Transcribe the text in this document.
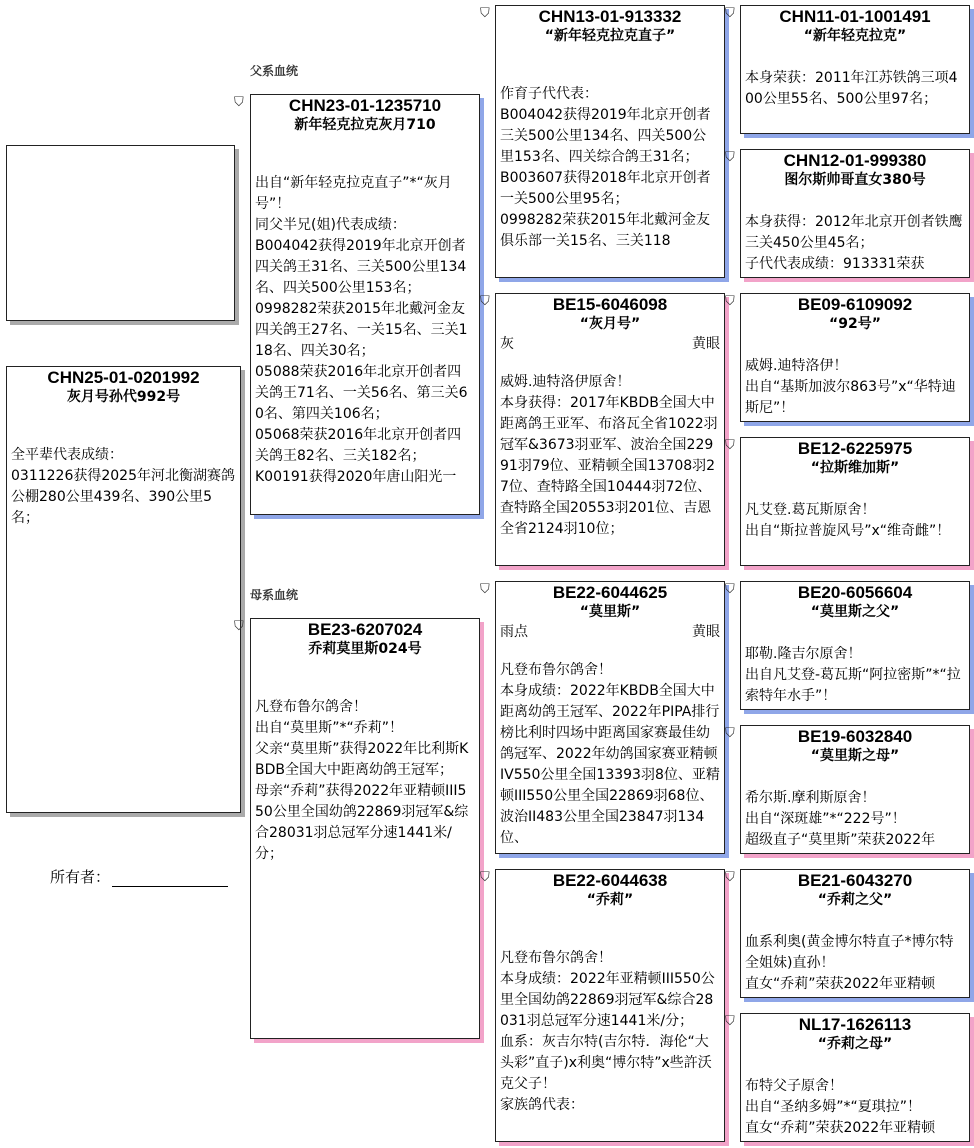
CHN25-01-0201992
灰月号孙代992号
全平辈代表成绩：
0311226获得2025年河北衡湖赛鸽公棚280公里439名、390公里5名；
所有者：
父系血统
母系血统
⛉	CHN23-01-1235710
新年轻克拉克灰月710
出自“新年轻克拉克直子”*“灰月号”！
同父半兄(姐)代表成绩：
B004042获得2019年北京开创者四关鸽王31名、三关500公里134名、四关500公里153名；
0998282荣获2015年北戴河金友四关鸽王27名、一关15名、三关118名、四关30名；
05088荣获2016年北京开创者四关鸽王71名、一关56名、第三关60名、第四关106名；
05068荣获2016年北京开创者四关鸽王82名、三关182名；
K00191获得2020年唐山阳光一
⛉	BE23-6207024
乔莉莫里斯024号
凡登布鲁尔鸽舍！
出自“莫里斯”*“乔莉”！
父亲“莫里斯”获得2022年比利斯KBDB全国大中距离幼鸽王冠军；
母亲“乔莉”获得2022年亚精顿III550公里全国幼鸽22869羽冠军&综合28031羽总冠军分速1441米/分；
⛉	CHN13-01-913332
“新年轻克拉克直子”
作育子代代表：
B004042获得2019年北京开创者三关500公里134名、四关500公里153名、四关综合鸽王31名；
B003607获得2018年北京开创者一关500公里95名；
0998282荣获2015年北戴河金友俱乐部一关15名、三关118
⛉	BE15-6046098
“灰月号”
灰	黄眼
威姆.迪特洛伊原舍！
本身获得：2017年KBDB全国大中距离鸽王亚军、布洛瓦全省1022羽冠军&3673羽亚军、波治全国22991羽79位、亚精顿全国13708羽27位、查特路全国10444羽72位、查特路全国20553羽201位、吉恩全省2124羽10位；
⛉	BE22-6044625
“莫里斯”
雨点	黄眼
凡登布鲁尔鸽舍！
本身成绩：2022年KBDB全国大中距离幼鸽王冠军、2022年PIPA排行榜比利时四场中距离国家赛最佳幼鸽冠军、2022年幼鸽国家赛亚精顿IV550公里全国13393羽8位、亚精顿III550公里全国22869羽68位、波治II483公里全国23847羽134位、
⛉	BE22-6044638
“乔莉”
凡登布鲁尔鸽舍！
本身成绩：2022年亚精顿III550公里全国幼鸽22869羽冠军&综合28031羽总冠军分速1441米/分；
血系：灰吉尔特(吉尔特．海伦“大头彩”直子)x利奥“博尔特”x些許沃克父子！
家族鸽代表：
⛉	CHN11-01-1001491
“新年轻克拉克”
本身荣获：2011年江苏铁鸽三项400公里55名、500公里97名；
⛉	CHN12-01-999380
图尔斯帅哥直女380号
本身获得：2012年北京开创者铁鹰三关450公里45名；
子代代表成绩：913331荣获
⛉	BE09-6109092
“92号”
威姆.迪特洛伊！
出自“基斯加波尔863号”x“华特迪斯尼”！
⛉	BE12-6225975
“拉斯维加斯”
凡艾登.葛瓦斯原舍！
出自“斯拉普旋风号”x“维奇雌”！
⛉	BE20-6056604
“莫里斯之父”
耶勒.隆吉尔原舍！
出自凡艾登-葛瓦斯“阿拉密斯”*“拉索特年水手”！
⛉	BE19-6032840
“莫里斯之母”
希尔斯.摩利斯原舍！
出自“深斑雄”*“222号”！
超级直子“莫里斯”荣获2022年
⛉	BE21-6043270
“乔莉之父”
血系利奥(黄金博尔特直子*博尔特全姐妹)直孙！
直女“乔莉”荣获2022年亚精顿
⛉	NL17-1626113
“乔莉之母”
布特父子原舍！
出自“圣纳多姆”*“夏琪拉”！
直女“乔莉”荣获2022年亚精顿
